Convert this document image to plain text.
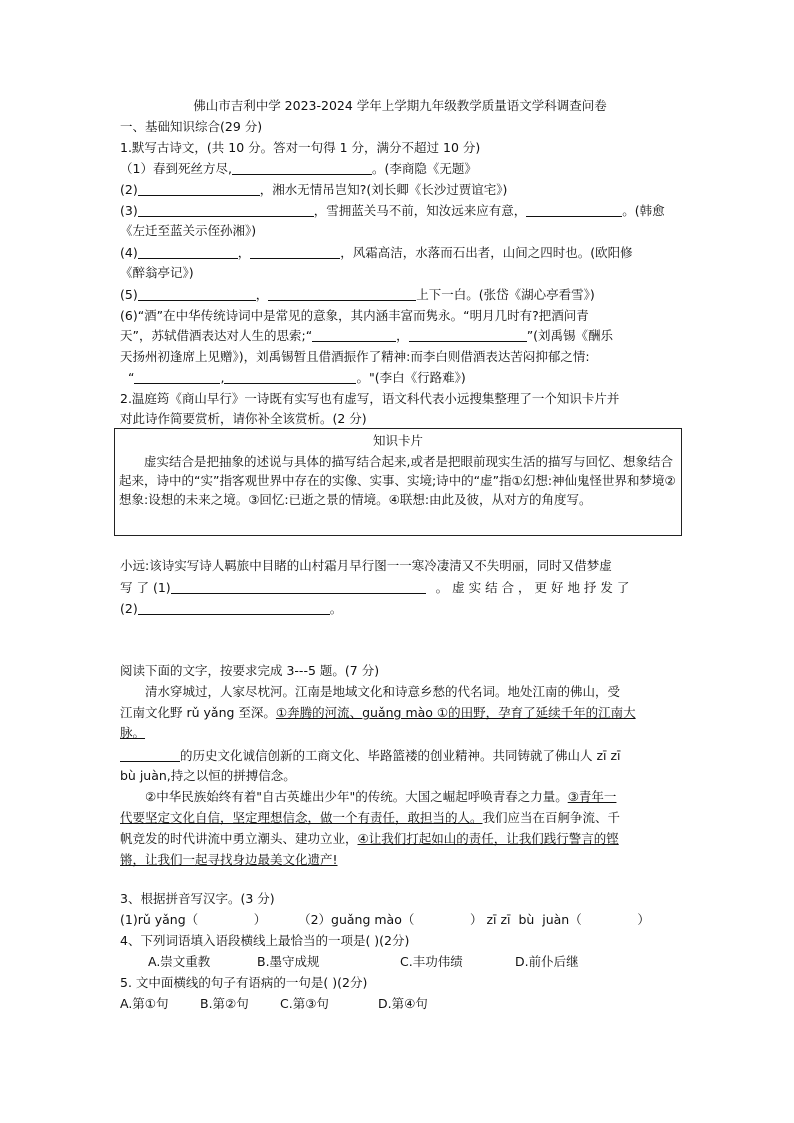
佛山市吉利中学 2023-2024 学年上学期九年级教学质量语文学科调查问卷
一、基础知识综合(29 分)
1.默写古诗文，(共 10 分。答对一句得 1 分，满分不超过 10 分)
（1）春到死丝方尽,	。(李商隐《无题》
(2)	，湘水无情吊岂知?(刘长卿《长沙过贾谊宅》)
(3)	，雪拥蓝关马不前，知汝远来应有意，	。(韩愈
《左迁至蓝关示侄孙湘》)
(4)	，	，风霜高洁，水落而石出者，山间之四时也。(欧阳修
《醉翁亭记》)
(5)	，	上下一白。(张岱《湖心亭看雪》)
(6)“酒”在中华传统诗词中是常见的意象，其内涵丰富而隽永。“明月几时有?把酒问青
天”，苏轼借酒表达对人生的思索;“	，	”(刘禹锡《酬乐
天扬州初逢席上见赠》)，刘禹锡暂且借酒振作了精神:而李白则借酒表达苦闷抑郁之情:
“	,	。"(李白《行路难》)
2.温庭筠《商山早行》一诗既有实写也有虚写，语文科代表小远搜集整理了一个知识卡片并
对此诗作简要赏析，请你补全该赏析。(2 分)
知识卡片
虚实结合是把抽象的述说与具体的描写结合起来,或者是把眼前现实生活的描写与回忆、想象结合起来，诗中的“实”指客观世界中存在的实像、实事、实境;诗中的“虚”指①幻想:神仙鬼怪世界和梦境②想象:设想的未来之境。③回忆:已逝之景的情境。④联想:由此及彼，从对方的角度写。
小远:该诗实写诗人羁旅中目睹的山村霜月早行图一一寒冷凄清又不失明丽，同时又借梦虚
写 了 (1)	。 虚 实 结 合 ， 更 好 地 抒 发 了
(2)	。
阅读下面的文字，按要求完成 3---5 题。(7 分)
清水穿城过，人家尽枕河。江南是地域文化和诗意乡愁的代名词。地处江南的佛山，受
江南文化野 rǔ yǎng 至深。①奔腾的河流、guǎng mào ①的田野，孕育了延续千年的江南大
脉。
的历史文化诚信创新的工商文化、毕路篮褛的创业精神。共同铸就了佛山人 zī zī
bù juàn,持之以恒的拼搏信念。
②中华民族始终有着"自古英雄出少年"的传统。大国之崛起呼唤青春之力量。③青年一
代要坚定文化自信，坚定理想信念，做一个有责任，敢担当的人。我们应当在百舸争流、千
帆竞发的时代讲流中勇立潮头、建功立业，④让我们打起如山的责任，让我们践行警言的铿
锵，让我们一起寻找身边最美文化遗产!
3、根据拼音写汉字。(3 分)
(1)rǔ yǎng（              ）        （2）guǎng mào（              ） zī zī  bù  juàn（              ）
4、下列词语填入语段横线上最恰当的一项是( )(2分)
A.崇文重教	B.墨守成规	C.丰功伟绩	D.前仆后继
5. 文中面横线的句子有语病的一句是( )(2分)
A.第①句	B.第②句 C.第③句	D.第④句
